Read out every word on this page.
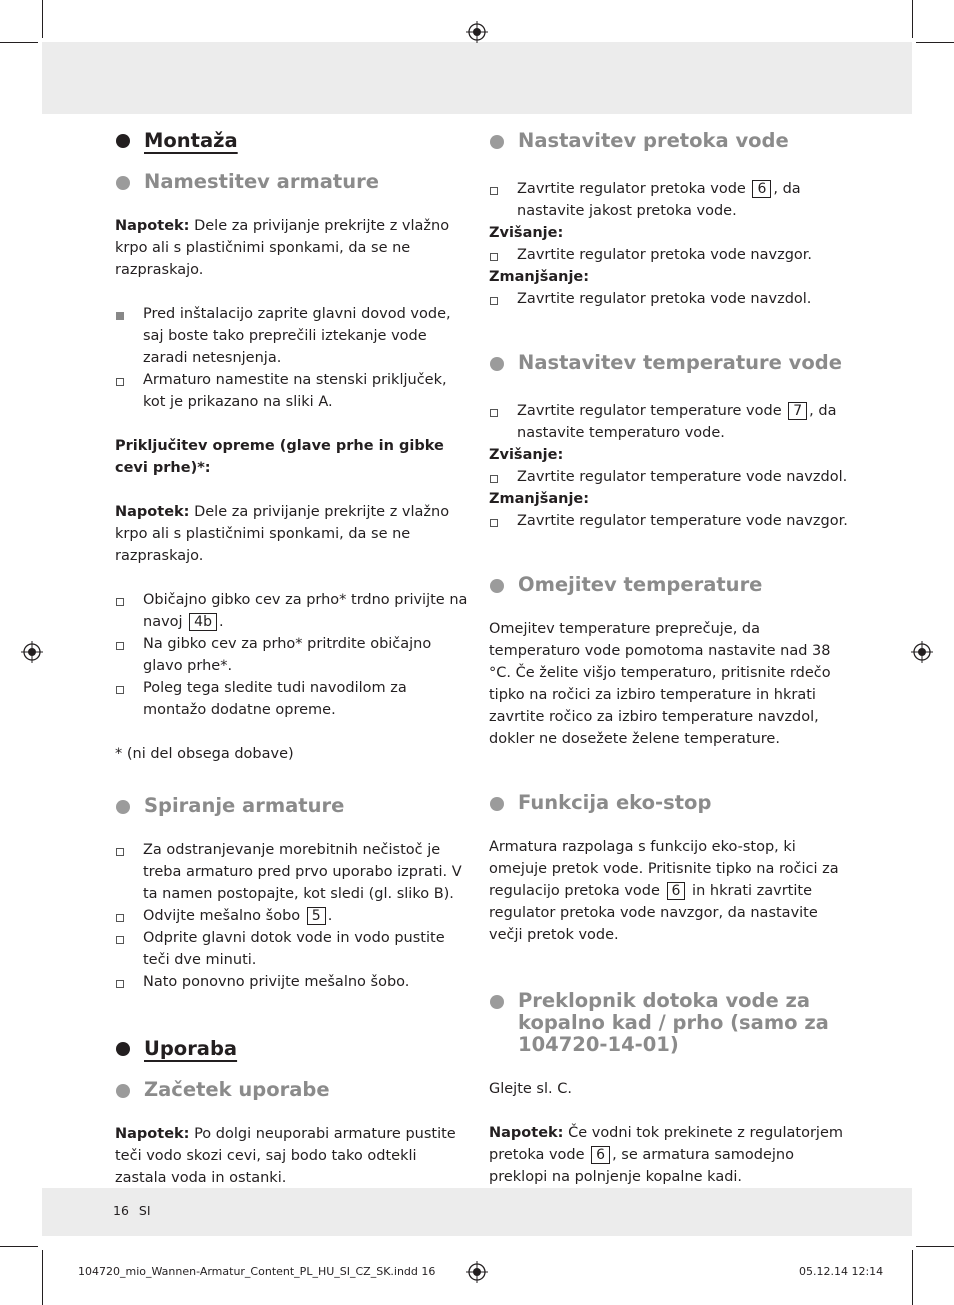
Montaža
Namestitev armature

Napotek: Dele za privijanje prekrijte z vlažno krpo ali s plastičnimi sponkami, da se ne razpraskajo.

Pred inštalacijo zaprite glavni dovod vode, saj boste tako preprečili iztekanje vode zaradi netesnjenja.
Armaturo namestite na stenski priključek, kot je prikazano na sliki A.

Priključitev opreme (glave prhe in gibke cevi prhe)*:

Napotek: Dele za privijanje prekrijte z vlažno krpo ali s plastičnimi sponkami, da se ne razpraskajo.

Običajno gibko cev za prho* trdno privijte na navoj 4b .
Na gibko cev za prho* pritrdite običajno glavo prhe*.
Poleg tega sledite tudi navodilom za montažo dodatne opreme.

* (ni del obsega dobave)

Spiranje armature
Za odstranjevanje morebitnih nečistoč je treba armaturo pred prvo uporabo izprati. V ta namen postopajte, kot sledi (gl. sliko B).
Odvijte mešalno šobo 5 .
Odprite glavni dotok vode in vodo pustite teči dve minuti.
Nato ponovno privijte mešalno šobo.
Uporaba
Začetek uporabe

Napotek: Po dolgi neuporabi armature pustite teči vodo skozi cevi, saj bodo tako odtekli zastala voda in ostanki.

Nastavitev pretoka vode
Zavrtite regulator pretoka vode 6 , da nastavite jakost pretoka vode.

Zvišanje:

Zavrtite regulator pretoka vode navzgor.

Zmanjšanje:

Zavrtite regulator pretoka vode navzdol.
Nastavitev temperature vode
Zavrtite regulator temperature vode 7 , da nastavite temperaturo vode.

Zvišanje:

Zavrtite regulator temperature vode navzdol.

Zmanjšanje:

Zavrtite regulator temperature vode navzgor.
Omejitev temperature

Omejitev temperature preprečuje, da temperaturo vode pomotoma nastavite nad 38 °C. Če želite višjo temperaturo, pritisnite rdečo tipko na ročici za izbiro temperature in hkrati zavrtite ročico za izbiro temperature navzdol, dokler ne dosežete želene temperature.

Funkcija eko-stop

Armatura razpolaga s funkcijo eko-stop, ki omejuje pretok vode. Pritisnite tipko na ročici za regulacijo pretoka vode 6 in hkrati zavrtite regulator pretoka vode navzgor, da nastavite večji pretok vode.

Preklopnik dotoka vode za kopalno kad / prho (samo za 104720-14-01)

Glejte sl. C.

Napotek: Če vodni tok prekinete z regulatorjem pretoka vode 6 , se armatura samodejno preklopi na polnjenje kopalne kadi.

16 SI
104720_mio_Wannen-Armatur_Content_PL_HU_SI_CZ_SK.indd 16	05.12.14 12:14
